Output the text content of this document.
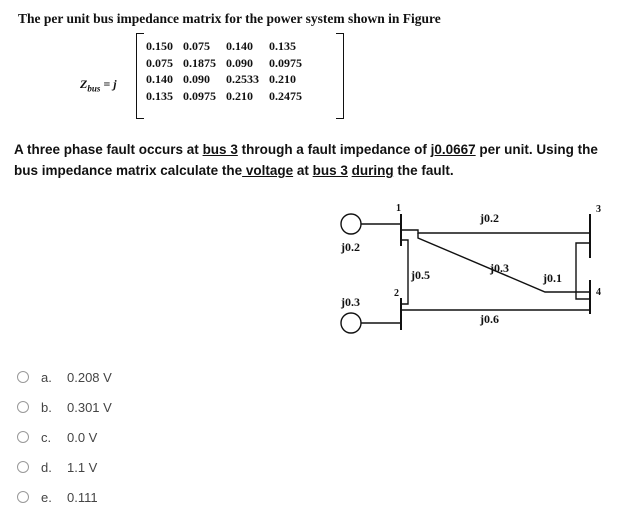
The per unit bus impedance matrix for the power system shown in Figure
$Z_{bus} = j$
0.150	0.075	0.140	0.135
0.075	0.1875	0.090	0.0975
0.140	0.090	0.2533	0.210
0.135	0.0975	0.210	0.2475
A three phase fault occurs at bus 3 through a fault impedance of j0.0667 per unit. Using the bus impedance matrix calculate the voltage at bus 3 during the fault.
1
2
3
4
j0.2
j0.3
j0.2
j0.5	j0.3
j0.1
j0.6
a.	0.208 V
b.	0.301 V
c.	0.0 V
d.	1.1 V
e.	0.111
